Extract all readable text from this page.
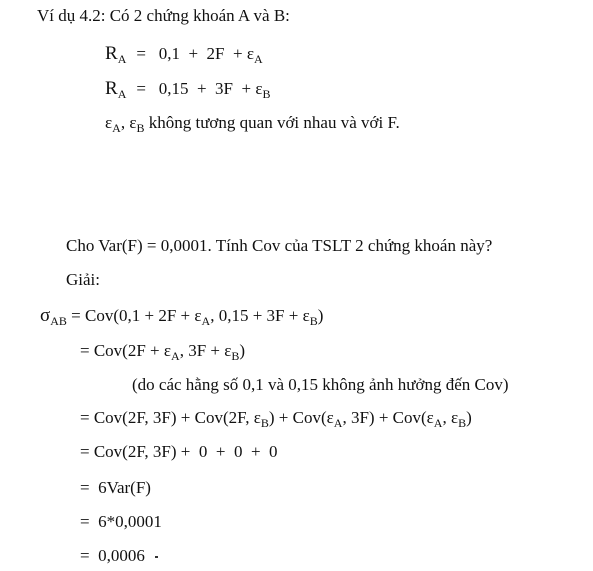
Ví dụ 4.2: Có 2 chứng khoán A và B:
$R_A = 0,1 + 2F + \varepsilon_A$
$R_A = 0,15 + 3F + \varepsilon_B$
$\varepsilon_A$, $\varepsilon_B$ không tương quan với nhau và với F.
Cho Var(F) = 0,0001. Tính Cov của TSLT 2 chứng khoán này?
Giải:
$\sigma_{AB} = Cov(0,1 + 2F + \varepsilon_A$, $0,15 + 3F + \varepsilon_B$)
= $Cov(2F + \varepsilon_A$, $3F + \varepsilon_B$)
(do các hằng số 0,1 và 0,15 không ảnh hưởng đến Cov)
= Cov(2F, 3F) + Cov(2F, $\varepsilon_B) + Cov(\varepsilon_A$, $3F) + Cov(\varepsilon_A$, $\varepsilon_B$)
= Cov(2F, 3F) +  0  +  0  +  0
=  6Var(F)
=  6*0,0001
=  0,0006
